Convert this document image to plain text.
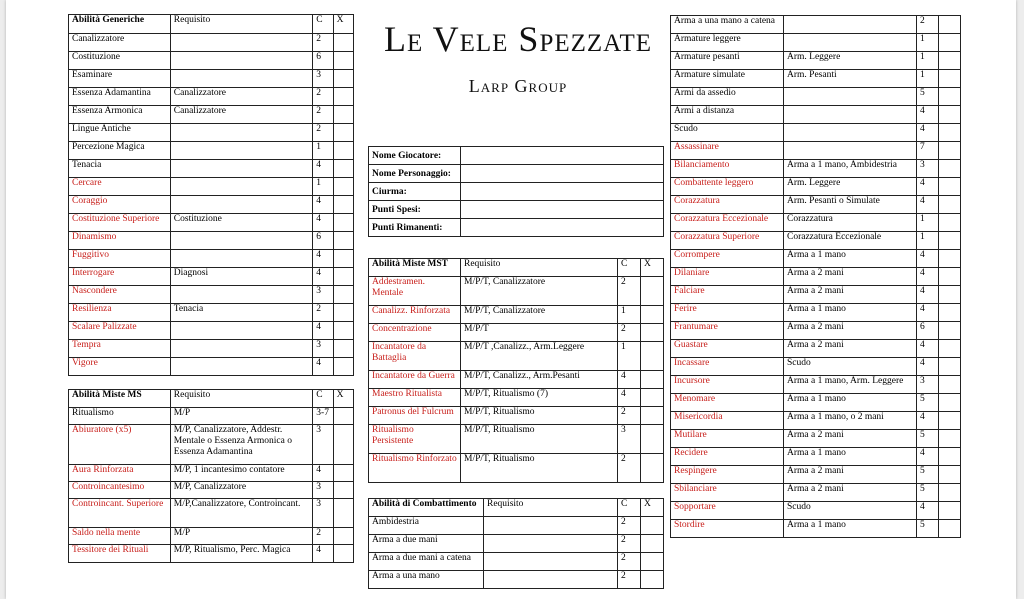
Le Vele Spezzate
Larp Group
Abilità Generiche	Requisito	C	X
Canalizzatore		2	
Costituzione		6	
Esaminare		3	
Essenza Adamantina	Canalizzatore	2	
Essenza Armonica	Canalizzatore	2	
Lingue Antiche		2	
Percezione Magica		1	
Tenacia		4	
Cercare		1	
Coraggio		4	
Costituzione Superiore	Costituzione	4	
Dinamismo		6	
Fuggitivo		4	
Interrogare	Diagnosi	4	
Nascondere		3	
Resilienza	Tenacia	2	
Scalare Palizzate		4	
Tempra		3	
Vigore		4	
Abilità Miste MS	Requisito	C	X
Ritualismo	M/P	3-7	
Abiuratore (x5)	M/P, Canalizzatore, Addestr. Mentale o Essenza Armonica o Essenza Adamantina	3	
Aura Rinforzata	M/P, 1 incantesimo contatore	4	
Controincantesimo	M/P, Canalizzatore	3	
Controincant. Superiore	M/P,Canalizzatore, Controincant.	3	
Saldo nella mente	M/P	2	
Tessitore dei Rituali	M/P, Ritualismo, Perc. Magica	4	
Nome Giocatore:	
Nome Personaggio:	
Ciurma:	
Punti Spesi:	
Punti Rimanenti:	
Abilità Miste MST	Requisito	C	X
Addestramen. Mentale	M/P/T, Canalizzatore	2	
Canalizz. Rinforzata	M/P/T, Canalizzatore	1	
Concentrazione	M/P/T	2	
Incantatore da Battaglia	M/P/T ,Canalizz., Arm.Leggere	1	
Incantatore da Guerra	M/P/T, Canalizz., Arm.Pesanti	4	
Maestro Ritualista	M/P/T, Ritualismo (7)	4	
Patronus del Fulcrum	M/P/T, Ritualismo	2	
Ritualismo Persistente	M/P/T, Ritualismo	3	
Ritualismo Rinforzato	M/P/T, Ritualismo	2	
Abilità di Combattimento	Requisito	C	X
Ambidestria		2	
Arma a due mani		2	
Arma a due mani a catena		2	
Arma a una mano		2	
Arma a una mano a catena		2	
Armature leggere		1	
Armature pesanti	Arm. Leggere	1	
Armature simulate	Arm. Pesanti	1	
Armi da assedio		5	
Armi a distanza		4	
Scudo		4	
Assassinare		7	
Bilanciamento	Arma a 1 mano, Ambidestria	3	
Combattente leggero	Arm. Leggere	4	
Corazzatura	Arm. Pesanti o Simulate	4	
Corazzatura Eccezionale	Corazzatura	1	
Corazzatura Superiore	Corazzatura Eccezionale	1	
Corrompere	Arma a 1 mano	4	
Dilaniare	Arma a 2 mani	4	
Falciare	Arma a 2 mani	4	
Ferire	Arma a 1 mano	4	
Frantumare	Arma a 2 mani	6	
Guastare	Arma a 2 mani	4	
Incassare	Scudo	4	
Incursore	Arma a 1 mano, Arm. Leggere	3	
Menomare	Arma a 1 mano	5	
Misericordia	Arma a 1 mano, o 2 mani	4	
Mutilare	Arma a 2 mani	5	
Recidere	Arma a 1 mano	4	
Respingere	Arma a 2 mani	5	
Sbilanciare	Arma a 2 mani	5	
Sopportare	Scudo	4	
Stordire	Arma a 1 mano	5	
